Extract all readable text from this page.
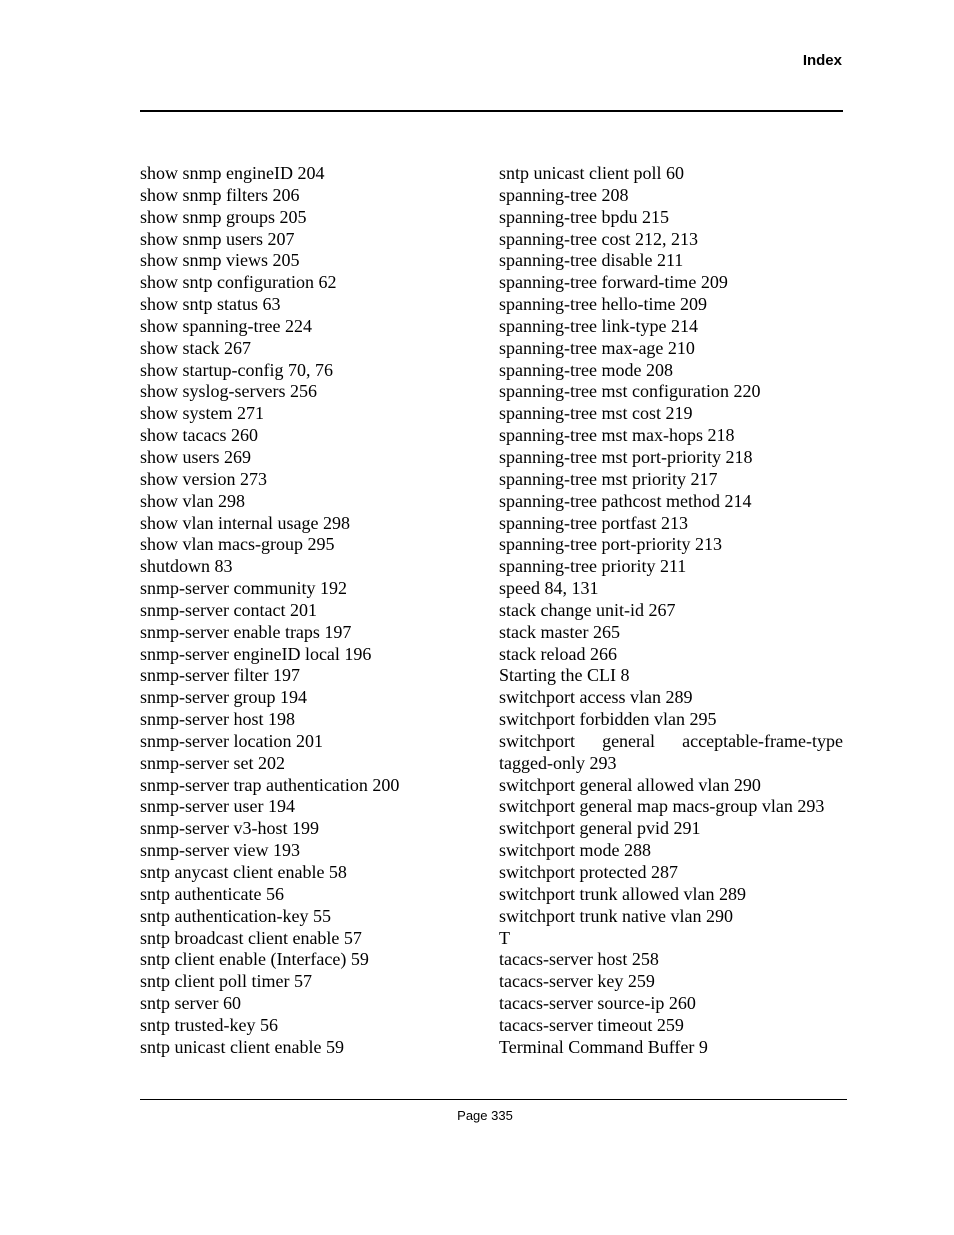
Index
show snmp engineID 204
show snmp filters 206
show snmp groups 205
show snmp users 207
show snmp views 205
show sntp configuration 62
show sntp status 63
show spanning-tree 224
show stack 267
show startup-config 70, 76
show syslog-servers 256
show system 271
show tacacs 260
show users 269
show version 273
show vlan 298
show vlan internal usage 298
show vlan macs-group 295
shutdown 83
snmp-server community 192
snmp-server contact 201
snmp-server enable traps 197
snmp-server engineID local 196
snmp-server filter 197
snmp-server group 194
snmp-server host 198
snmp-server location 201
snmp-server set 202
snmp-server trap authentication 200
snmp-server user 194
snmp-server v3-host 199
snmp-server view 193
sntp anycast client enable 58
sntp authenticate 56
sntp authentication-key 55
sntp broadcast client enable 57
sntp client enable (Interface) 59
sntp client poll timer 57
sntp server 60
sntp trusted-key 56
sntp unicast client enable 59
sntp unicast client poll 60
spanning-tree 208
spanning-tree bpdu 215
spanning-tree cost 212, 213
spanning-tree disable 211
spanning-tree forward-time 209
spanning-tree hello-time 209
spanning-tree link-type 214
spanning-tree max-age 210
spanning-tree mode 208
spanning-tree mst configuration 220
spanning-tree mst cost 219
spanning-tree mst max-hops 218
spanning-tree mst port-priority 218
spanning-tree mst priority 217
spanning-tree pathcost method 214
spanning-tree portfast 213
spanning-tree port-priority 213
spanning-tree priority 211
speed 84, 131
stack change unit-id 267
stack master 265
stack reload 266
Starting the CLI 8
switchport access vlan 289
switchport forbidden vlan 295
switchport general acceptable-frame-type
tagged-only 293
switchport general allowed vlan 290
switchport general map macs-group vlan 293
switchport general pvid 291
switchport mode 288
switchport protected 287
switchport trunk allowed vlan 289
switchport trunk native vlan 290
T
tacacs-server host 258
tacacs-server key 259
tacacs-server source-ip 260
tacacs-server timeout 259
Terminal Command Buffer 9
Page 335
